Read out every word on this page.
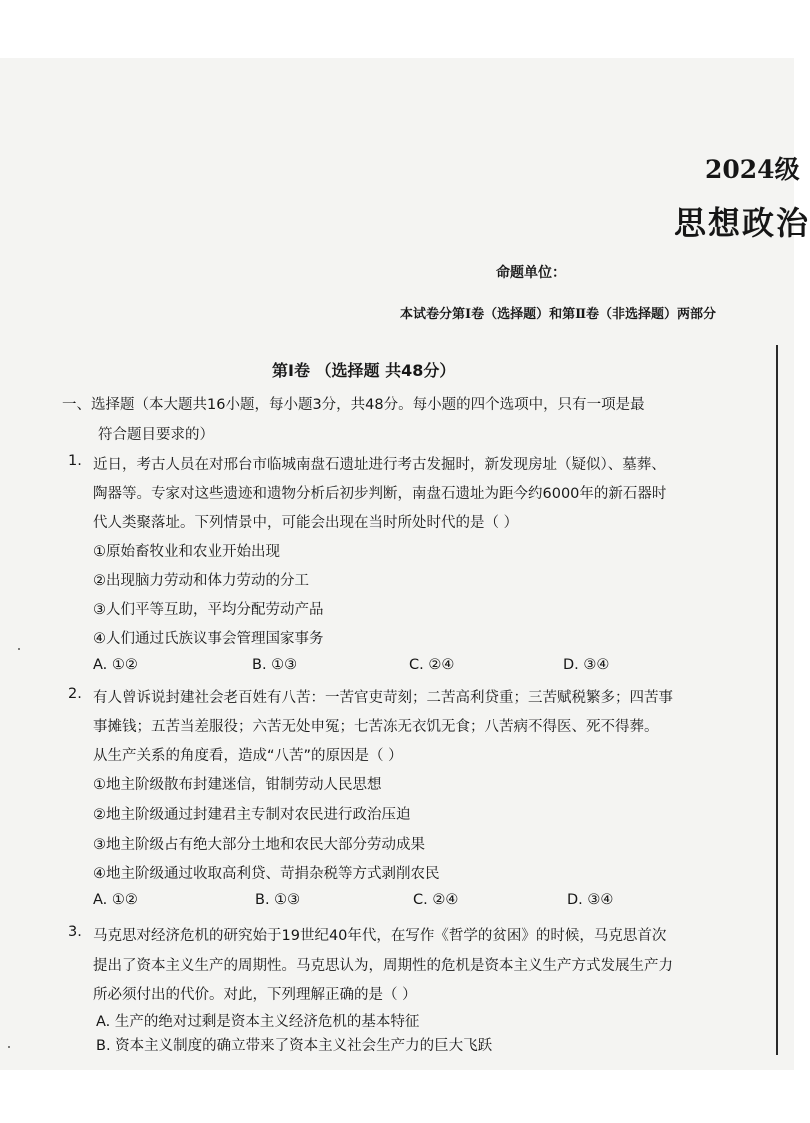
2024级
思想政治
命题单位：
本试卷分第Ⅰ卷（选择题）和第Ⅱ卷（非选择题）两部分
第Ⅰ卷 （选择题 共48分）
一、选择题（本大题共16小题，每小题3分，共48分。每小题的四个选项中，只有一项是最
符合题目要求的）
1. 近日，考古人员在对邢台市临城南盘石遗址进行考古发掘时，新发现房址（疑似）、墓葬、
陶器等。专家对这些遗迹和遗物分析后初步判断，南盘石遗址为距今约6000年的新石器时
代人类聚落址。下列情景中，可能会出现在当时所处时代的是（ ）
①原始畜牧业和农业开始出现
②出现脑力劳动和体力劳动的分工
③人们平等互助，平均分配劳动产品
④人们通过氏族议事会管理国家事务
A. ①②	B. ①③	C. ②④	D. ③④
2. 有人曾诉说封建社会老百姓有八苦：一苦官吏苛刻；二苦高利贷重；三苦赋税繁多；四苦事
事摊钱；五苦当差服役；六苦无处申冤；七苦冻无衣饥无食；八苦病不得医、死不得葬。
从生产关系的角度看，造成“八苦”的原因是（ ）
①地主阶级散布封建迷信，钳制劳动人民思想
②地主阶级通过封建君主专制对农民进行政治压迫
③地主阶级占有绝大部分土地和农民大部分劳动成果
④地主阶级通过收取高利贷、苛捐杂税等方式剥削农民
A. ①②	B. ①③	C. ②④	D. ③④
3. 马克思对经济危机的研究始于19世纪40年代，在写作《哲学的贫困》的时候，马克思首次
提出了资本主义生产的周期性。马克思认为，周期性的危机是资本主义生产方式发展生产力
所必须付出的代价。对此，下列理解正确的是（ ）
A. 生产的绝对过剩是资本主义经济危机的基本特征
B. 资本主义制度的确立带来了资本主义社会生产力的巨大飞跃
